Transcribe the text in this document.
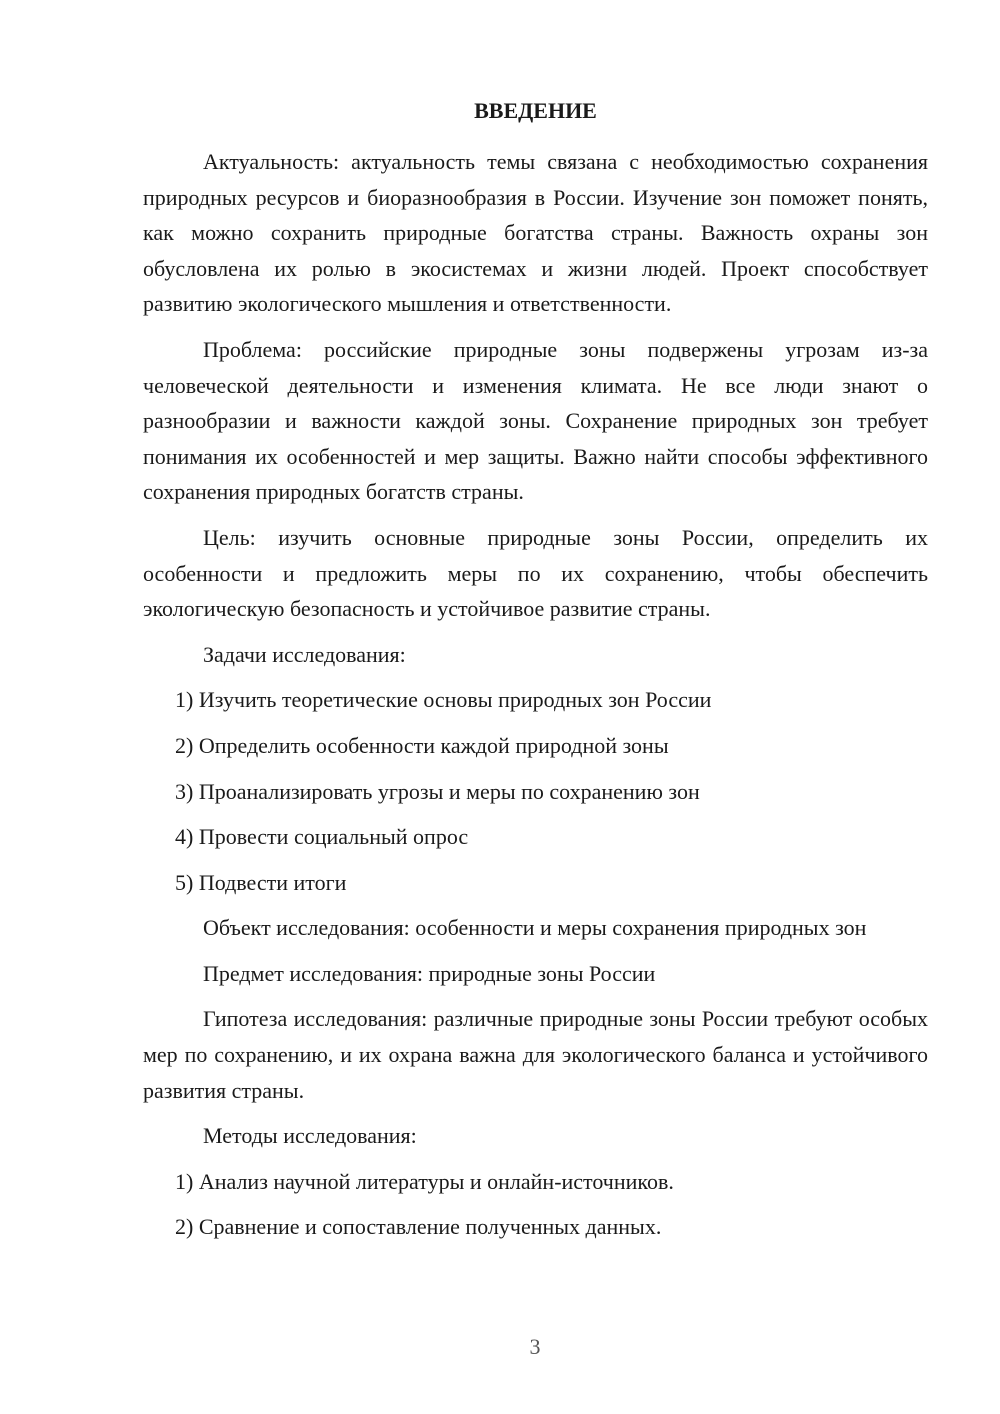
ВВЕДЕНИЕ

Актуальность: актуальность темы связана с необходимостью сохранения природных ресурсов и биоразнообразия в России. Изучение зон поможет понять, как можно сохранить природные богатства страны. Важность охраны зон обусловлена их ролью в экосистемах и жизни людей. Проект способствует развитию экологического мышления и ответственности.

Проблема: российские природные зоны подвержены угрозам из-за человеческой деятельности и изменения климата. Не все люди знают о разнообразии и важности каждой зоны. Сохранение природных зон требует понимания их особенностей и мер защиты. Важно найти способы эффективного сохранения природных богатств страны.

Цель: изучить основные природные зоны России, определить их особенности и предложить меры по их сохранению, чтобы обеспечить экологическую безопасность и устойчивое развитие страны.

Задачи исследования:

1) Изучить теоретические основы природных зон России
2) Определить особенности каждой природной зоны
3) Проанализировать угрозы и меры по сохранению зон
4) Провести социальный опрос
5) Подвести итоги

Объект исследования: особенности и меры сохранения природных зон

Предмет исследования: природные зоны России

Гипотеза исследования: различные природные зоны России требуют особых мер по сохранению, и их охрана важна для экологического баланса и устойчивого развития страны.

Методы исследования:

1) Анализ научной литературы и онлайн-источников.
2) Сравнение и сопоставление полученных данных.
3
